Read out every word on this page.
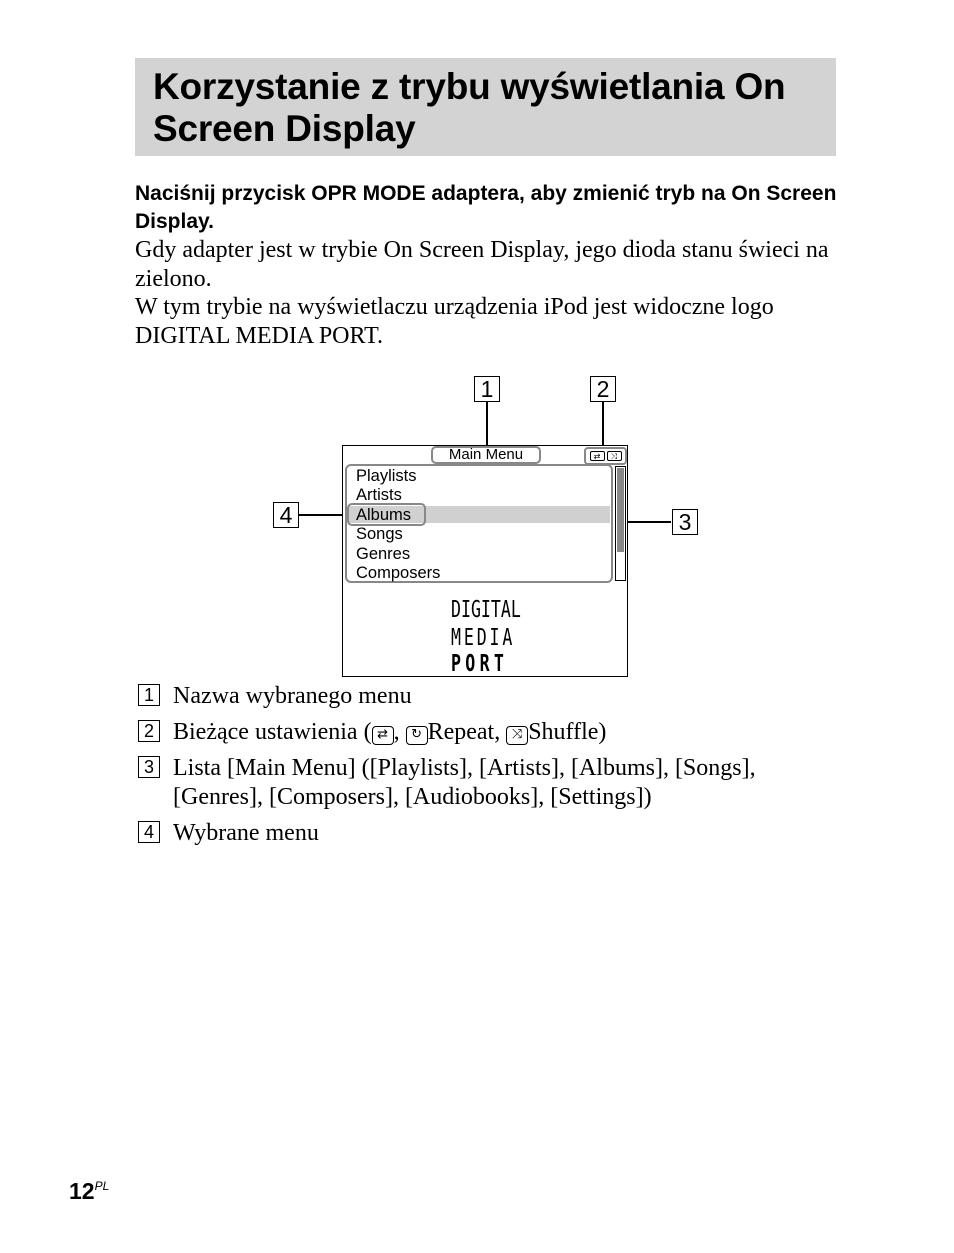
Korzystanie z trybu wyświetlania On
Screen Display
Naciśnij przycisk OPR MODE adaptera, aby zmienić tryb na On Screen Display.

Gdy adapter jest w trybie On Screen Display, jego dioda stanu świeci na zielono.

W tym trybie na wyświetlaczu urządzenia iPod jest widoczne logo DIGITAL MEDIA PORT.

1	2
3
4
Main Menu	⇄	⤨
Playlists
Artists
Albums
Songs
Genres
Composers
DIGITAL
MEDIA
PORT
1 Nazwa wybranego menu
2 Bieżące ustawienia ( ⇄ , ↻ Repeat, ⤨ Shuffle)
3 Lista [Main Menu] ([Playlists], [Artists], [Albums], [Songs],
[Genres], [Composers], [Audiobooks], [Settings])
4 Wybrane menu
$12^{PL}$
